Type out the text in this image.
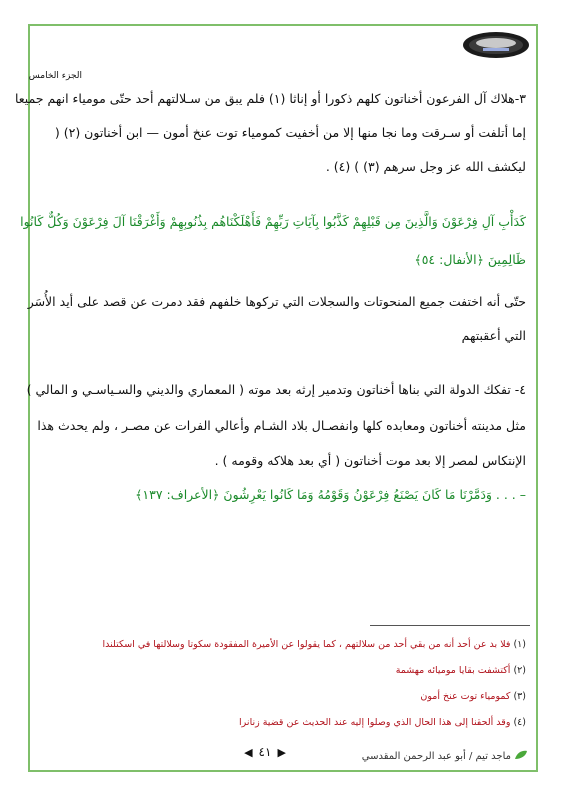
الجزء الخامس
٣-هلاك آل الفرعون أخناتون كلهم ذكورا أو إناثا (١) فلم يبق من سـلالتهم أحد حتّى مومياء انهم جميعا
إما أتلفت أو سـرقت وما نجا منها إلا من أخفيت كمومياء توت عنخ أمون — ابن أخناتون (٢) (
ليكشف الله عز وجل سرهم (٣) ) (٤) .
كَدَأْبِ آلِ فِرْعَوْنَ وَالَّذِينَ مِن قَبْلِهِمْ كَذَّبُوا بِآيَاتِ رَبِّهِمْ فَأَهْلَكْنَاهُم بِذُنُوبِهِمْ وَأَغْرَقْنَا آلَ فِرْعَوْنَ وَكُلٌّ كَانُوا
ظَالِمِينَ ﴿الأنفال: ٥٤﴾
حتّى أنه اختفت جميع المنحوتات والسجلات التي تركوها خلفهم فقد دمرت عن قصد على أيد الأُسَر
التي أعقبتهم
٤- تفكك الدولة التي بناها أخناتون وتدمير إرثه بعد موته ( المعماري والديني والسـياسـي و المالي )
مثل مدينته أخناتون ومعابده كلها وانفصـال بلاد الشـام وأعالي الفرات عن مصـر ، ولم يحدث هذا
الإنتكاس لمصر إلا بعد موت أخناتون ( أي بعد هلاكه وقومه ) .
– . . . وَدَمَّرْنَا مَا كَانَ يَصْنَعُ فِرْعَوْنُ وَقَوْمُهُ وَمَا كَانُوا يَعْرِشُونَ ﴿الأعراف: ١٣٧﴾
(١) فلا بد عن أحد أنه من بقي أحد من سلالتهم ، كما يقولوا عن الأميرة المفقودة سكوتا وسلالتها في اسكتلندا
(٢) أكتشفت بقايا موميائه مهشمة
(٣) كمومياء توت عنخ أمون
(٤) وقد ألحقنا إلى هذا الحال الذي وصلوا إليه عند الحديث عن قضية زنانرا
◀ ٤١ ▶	ماجد تيم / أبو عبد الرحمن المقدسي
